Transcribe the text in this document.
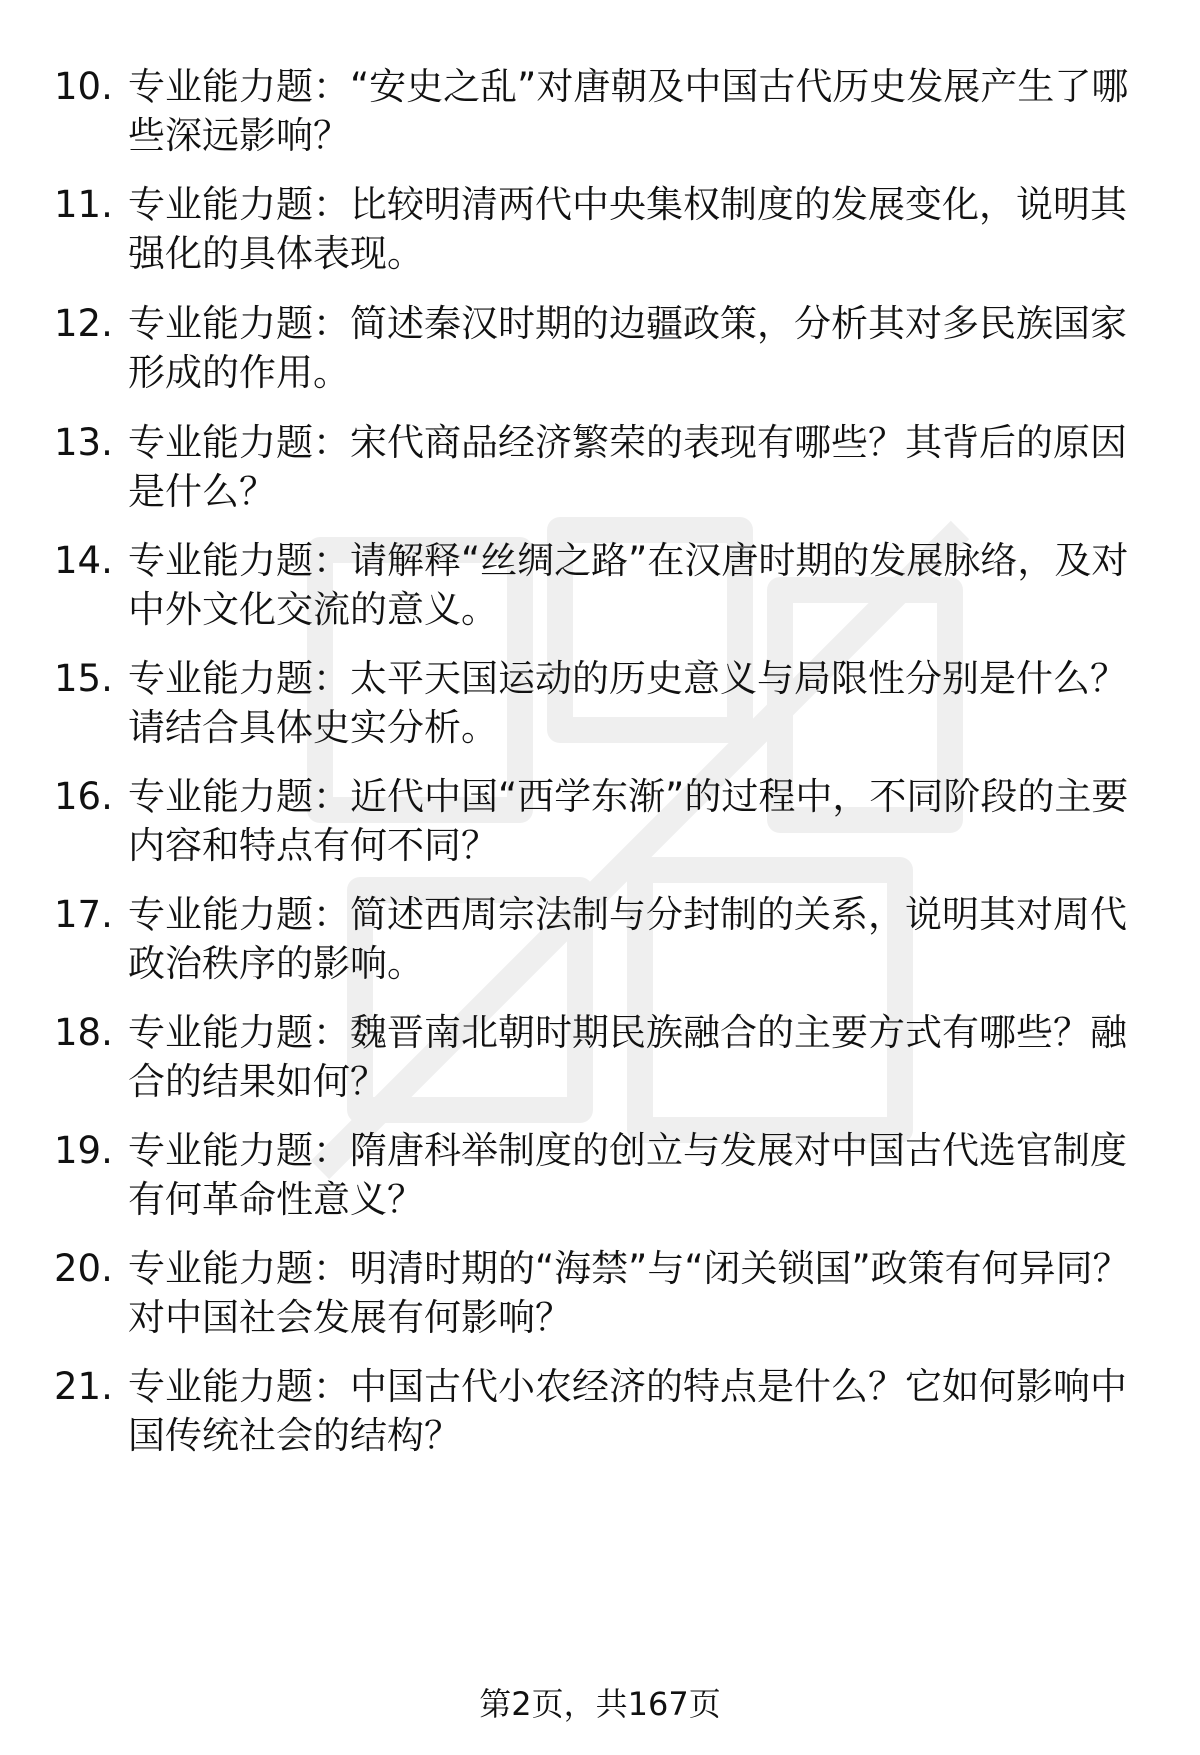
10. 专业能力题：“安史之乱”对唐朝及中国古代历史发展产生了哪些深远影响？
11. 专业能力题：比较明清两代中央集权制度的发展变化，说明其强化的具体表现。
12. 专业能力题：简述秦汉时期的边疆政策，分析其对多民族国家形成的作用。
13. 专业能力题：宋代商品经济繁荣的表现有哪些？其背后的原因是什么？
14. 专业能力题：请解释“丝绸之路”在汉唐时期的发展脉络，及对中外文化交流的意义。
15. 专业能力题：太平天国运动的历史意义与局限性分别是什么？请结合具体史实分析。
16. 专业能力题：近代中国“西学东渐”的过程中，不同阶段的主要内容和特点有何不同？
17. 专业能力题：简述西周宗法制与分封制的关系，说明其对周代政治秩序的影响。
18. 专业能力题：魏晋南北朝时期民族融合的主要方式有哪些？融合的结果如何？
19. 专业能力题：隋唐科举制度的创立与发展对中国古代选官制度有何革命性意义？
20. 专业能力题：明清时期的“海禁”与“闭关锁国”政策有何异同？对中国社会发展有何影响？
21. 专业能力题：中国古代小农经济的特点是什么？它如何影响中国传统社会的结构？
第2页，共167页
